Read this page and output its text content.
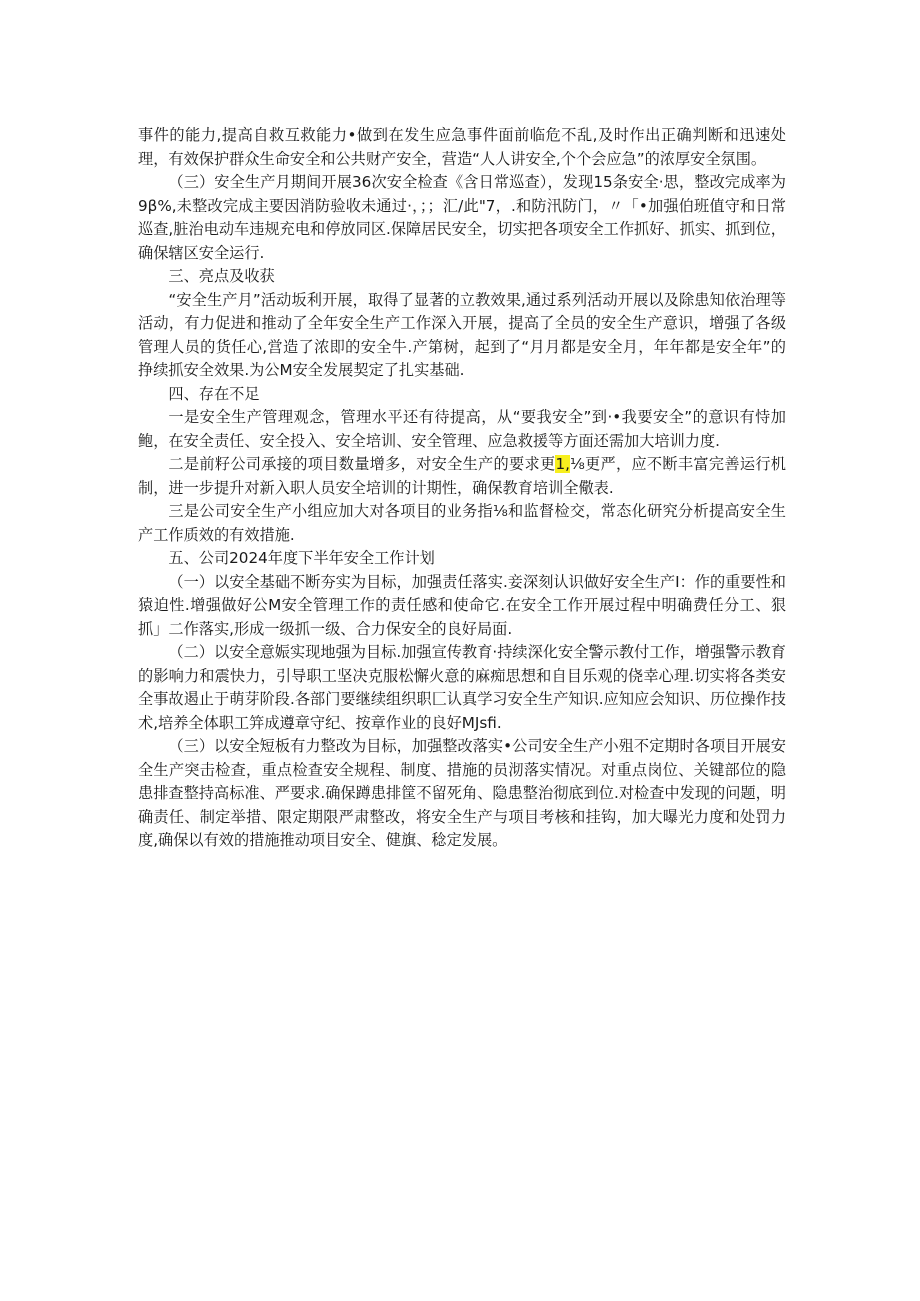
事件的能力,提高自救互救能力•做到在发生应急事件面前临危不乱,及时作出正确判断和迅速处理，有效保护群众生命安全和公共财产安全，营造“人人讲安全,个个会应急”的浓厚安全氛围。

（三）安全生产月期间开展36次安全检查《含日常巡查），发现15条安全·思，整改完成率为9β%,未整改完成主要因消防验收未通过·，；；汇/此"7，.和防汛防门，〃「•加强伯班值守和日常巡查,脏治电动车违规充电和停放同区.保障居民安全，切实把各项安全工作抓好、抓实、抓到位，确保辖区安全运行.

三、亮点及收获

“安全生产月”活动坂利开展，取得了显著的立教效果,通过系列活动开展以及除患知依治理等活动，有力促进和推动了全年安全生产工作深入开展，提高了全员的安全生产意识，增强了各级管理人员的货任心,営造了浓即的安全牛.产第树，起到了“月月都是安全月，年年都是安全年”的挣续抓安全效果.为公M安全发展契定了扎实基础.

四、存在不足

一是安全生产管理观念，管理水平还有待提高，从“要我安全”到·•我要安全”的意识有恃加鲍，在安全责任、安全投入、安全培训、安全管理、应急救援等方面还需加大培训力度.

二是前籽公司承接的项目数量增多，对安全生产的要求更1,⅛更严，应不断丰富完善运行机制，进一步提升对新入职人员安全培训的计期性，确保教育培训全儆表.

三是公司安全生产小组应加大对各项目的业务指⅛和监督检交，常态化研究分析提高安全生产工作质效的有效措施.

五、公司2024年度下半年安全工作计划

（一）以安全基础不断夯实为目标，加强责任落实.妾深刻认识做好安全生产I：作的重要性和猿迫性.增强做好公M安全管理工作的责任感和使命它.在安全工作开展过程中明确费任分工、狠抓」二作落实,形成一级抓一级、合力保安全的良好局面.

（二）以安全意娠实现地强为目标.加强宣传教育·持续深化安全警示教付工作，增强警示教育的影响力和震快力，引导职工坚决克服松懈火意的麻痴思想和自目乐观的侥幸心理.切实将各类安全事故遏止于萌芽阶段.各部门要继续组织职匚认真学习安全生产知识.应知应会知识、历位操作技术,培养全体职工笄成遵章守纪、按章作业的良好MJsfi.

（三）以安全短板有力整改为目标，加强整改落实•公司安全生产小殂不定期时各项目开展安全生产突击检查，重点检查安全规程、制度、措施的员沏落实情况。对重点岗位、关键部位的隐患排查整持高标准、严要求.确保蹲患排筐不留死角、隐患整治彻底到位.对检查中发现的问题，明确责任、制定举措、限定期限严肃整改，将安全生产与项目考核和挂钩，加大曝光力度和处罚力度,确保以有效的措施推动项目安全、健旗、稔定发展。
